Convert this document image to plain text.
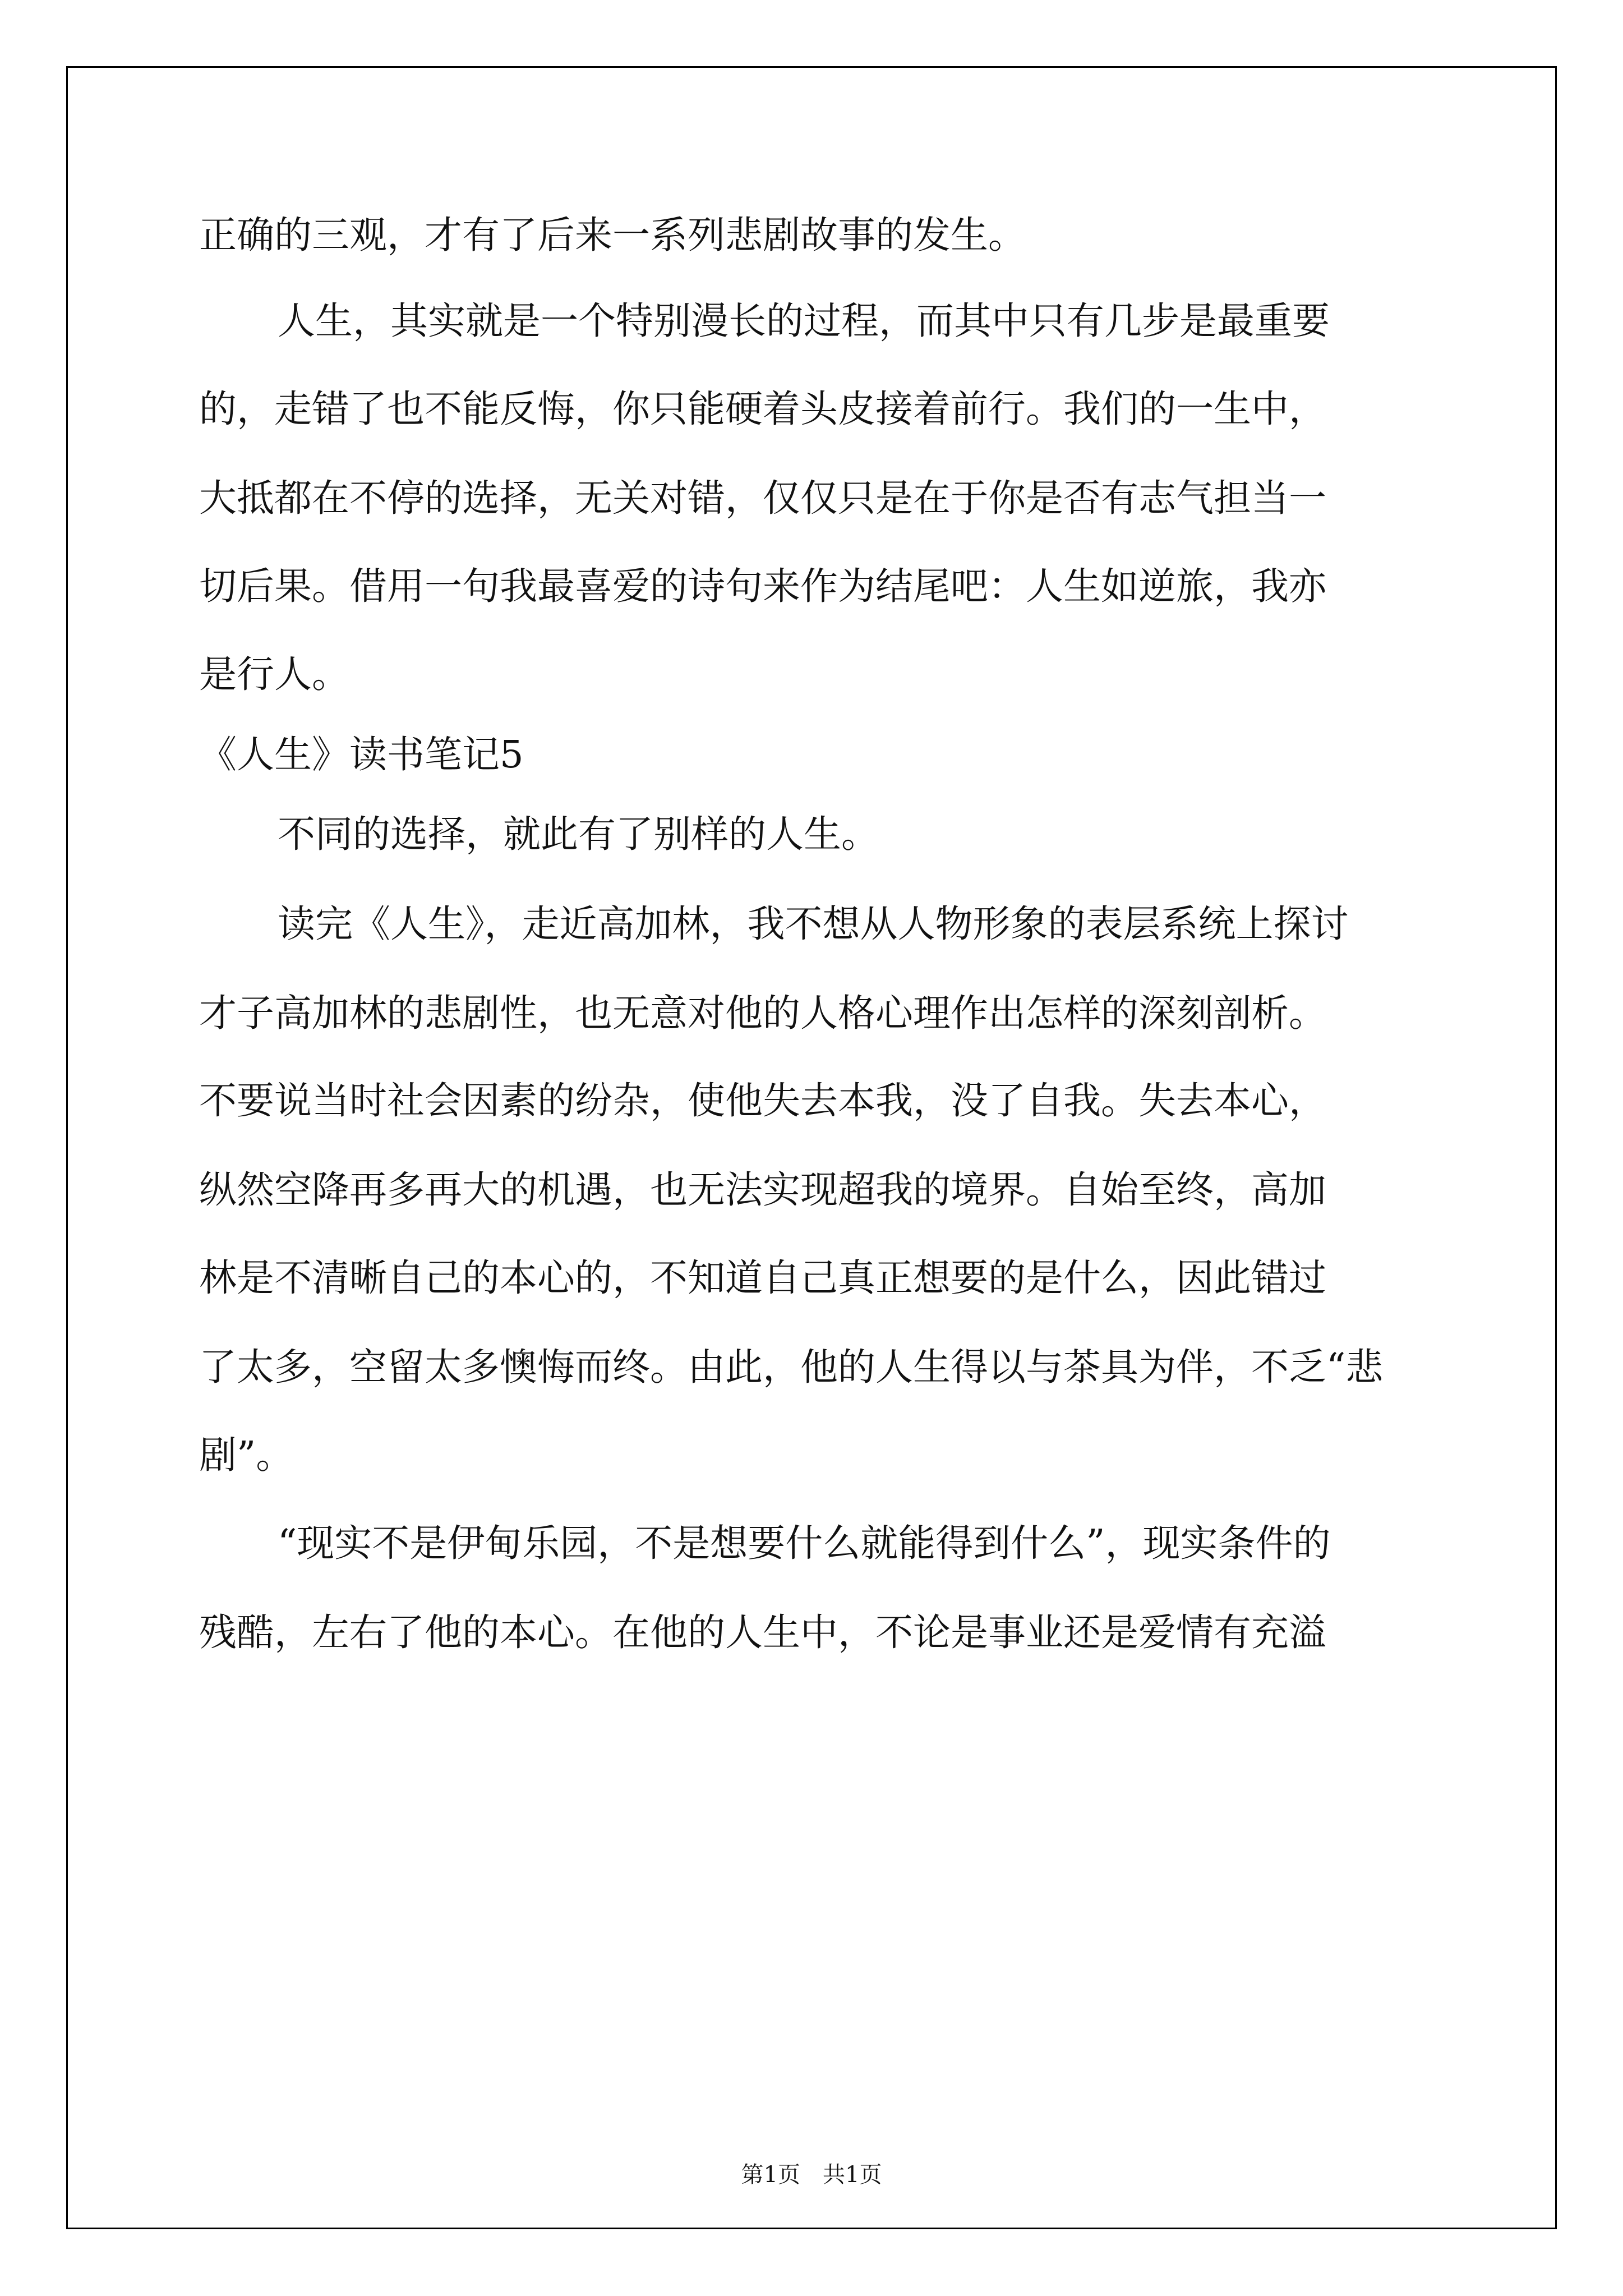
正确的三观，才有了后来一系列悲剧故事的发生。
人生，其实就是一个特别漫长的过程，而其中只有几步是最重要
的，走错了也不能反悔，你只能硬着头皮接着前行。我们的一生中，
大抵都在不停的选择，无关对错，仅仅只是在于你是否有志气担当一
切后果。借用一句我最喜爱的诗句来作为结尾吧：人生如逆旅，我亦
是行人。
《人生》读书笔记5
不同的选择，就此有了别样的人生。
读完《人生》，走近高加林，我不想从人物形象的表层系统上探讨
才子高加林的悲剧性，也无意对他的人格心理作出怎样的深刻剖析。
不要说当时社会因素的纷杂，使他失去本我，没了自我。失去本心，
纵然空降再多再大的机遇，也无法实现超我的境界。自始至终，高加
林是不清晰自己的本心的，不知道自己真正想要的是什么，因此错过
了太多，空留太多懊悔而终。由此，他的人生得以与茶具为伴，不乏“悲
剧”。
“现实不是伊甸乐园，不是想要什么就能得到什么”，现实条件的
残酷，左右了他的本心。在他的人生中，不论是事业还是爱情有充溢
第1页　共1页
